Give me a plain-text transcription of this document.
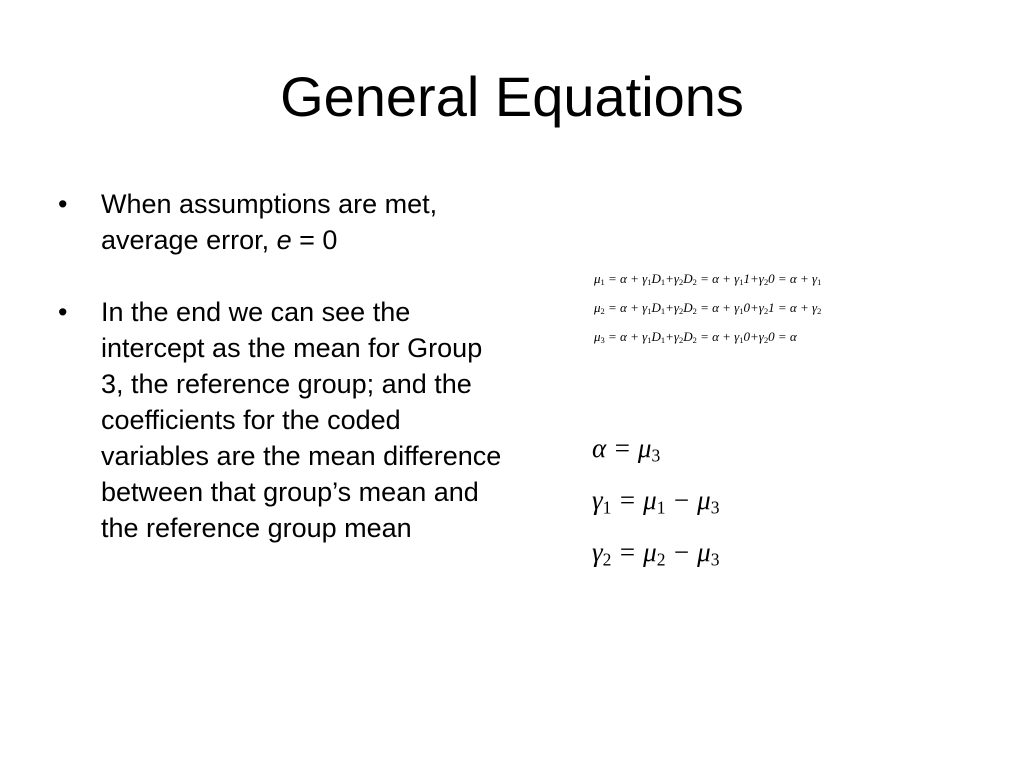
General Equations
•	When assumptions are met, average error, e = 0
•	In the end we can see the intercept as the mean for Group 3, the reference group; and the coefficients for the coded variables are the mean difference between that group’s mean and the reference group mean
$\mu_1 = \alpha + \gamma_1D_1+\gamma_2D_2 = \alpha + \gamma_11+\gamma_20 = \alpha + \gamma_1$
$\mu_2 = \alpha + \gamma_1D_1+\gamma_2D_2 = \alpha + \gamma_10+\gamma_21 = \alpha + \gamma_2$
$\mu_3 = \alpha + \gamma_1D_1+\gamma_2D_2 = \alpha + \gamma_10+\gamma_20 = \alpha$
$\alpha = \mu_3$
$\gamma_1 = \mu_1 - \mu_3$
$\gamma_2 = \mu_2 - \mu_3$
